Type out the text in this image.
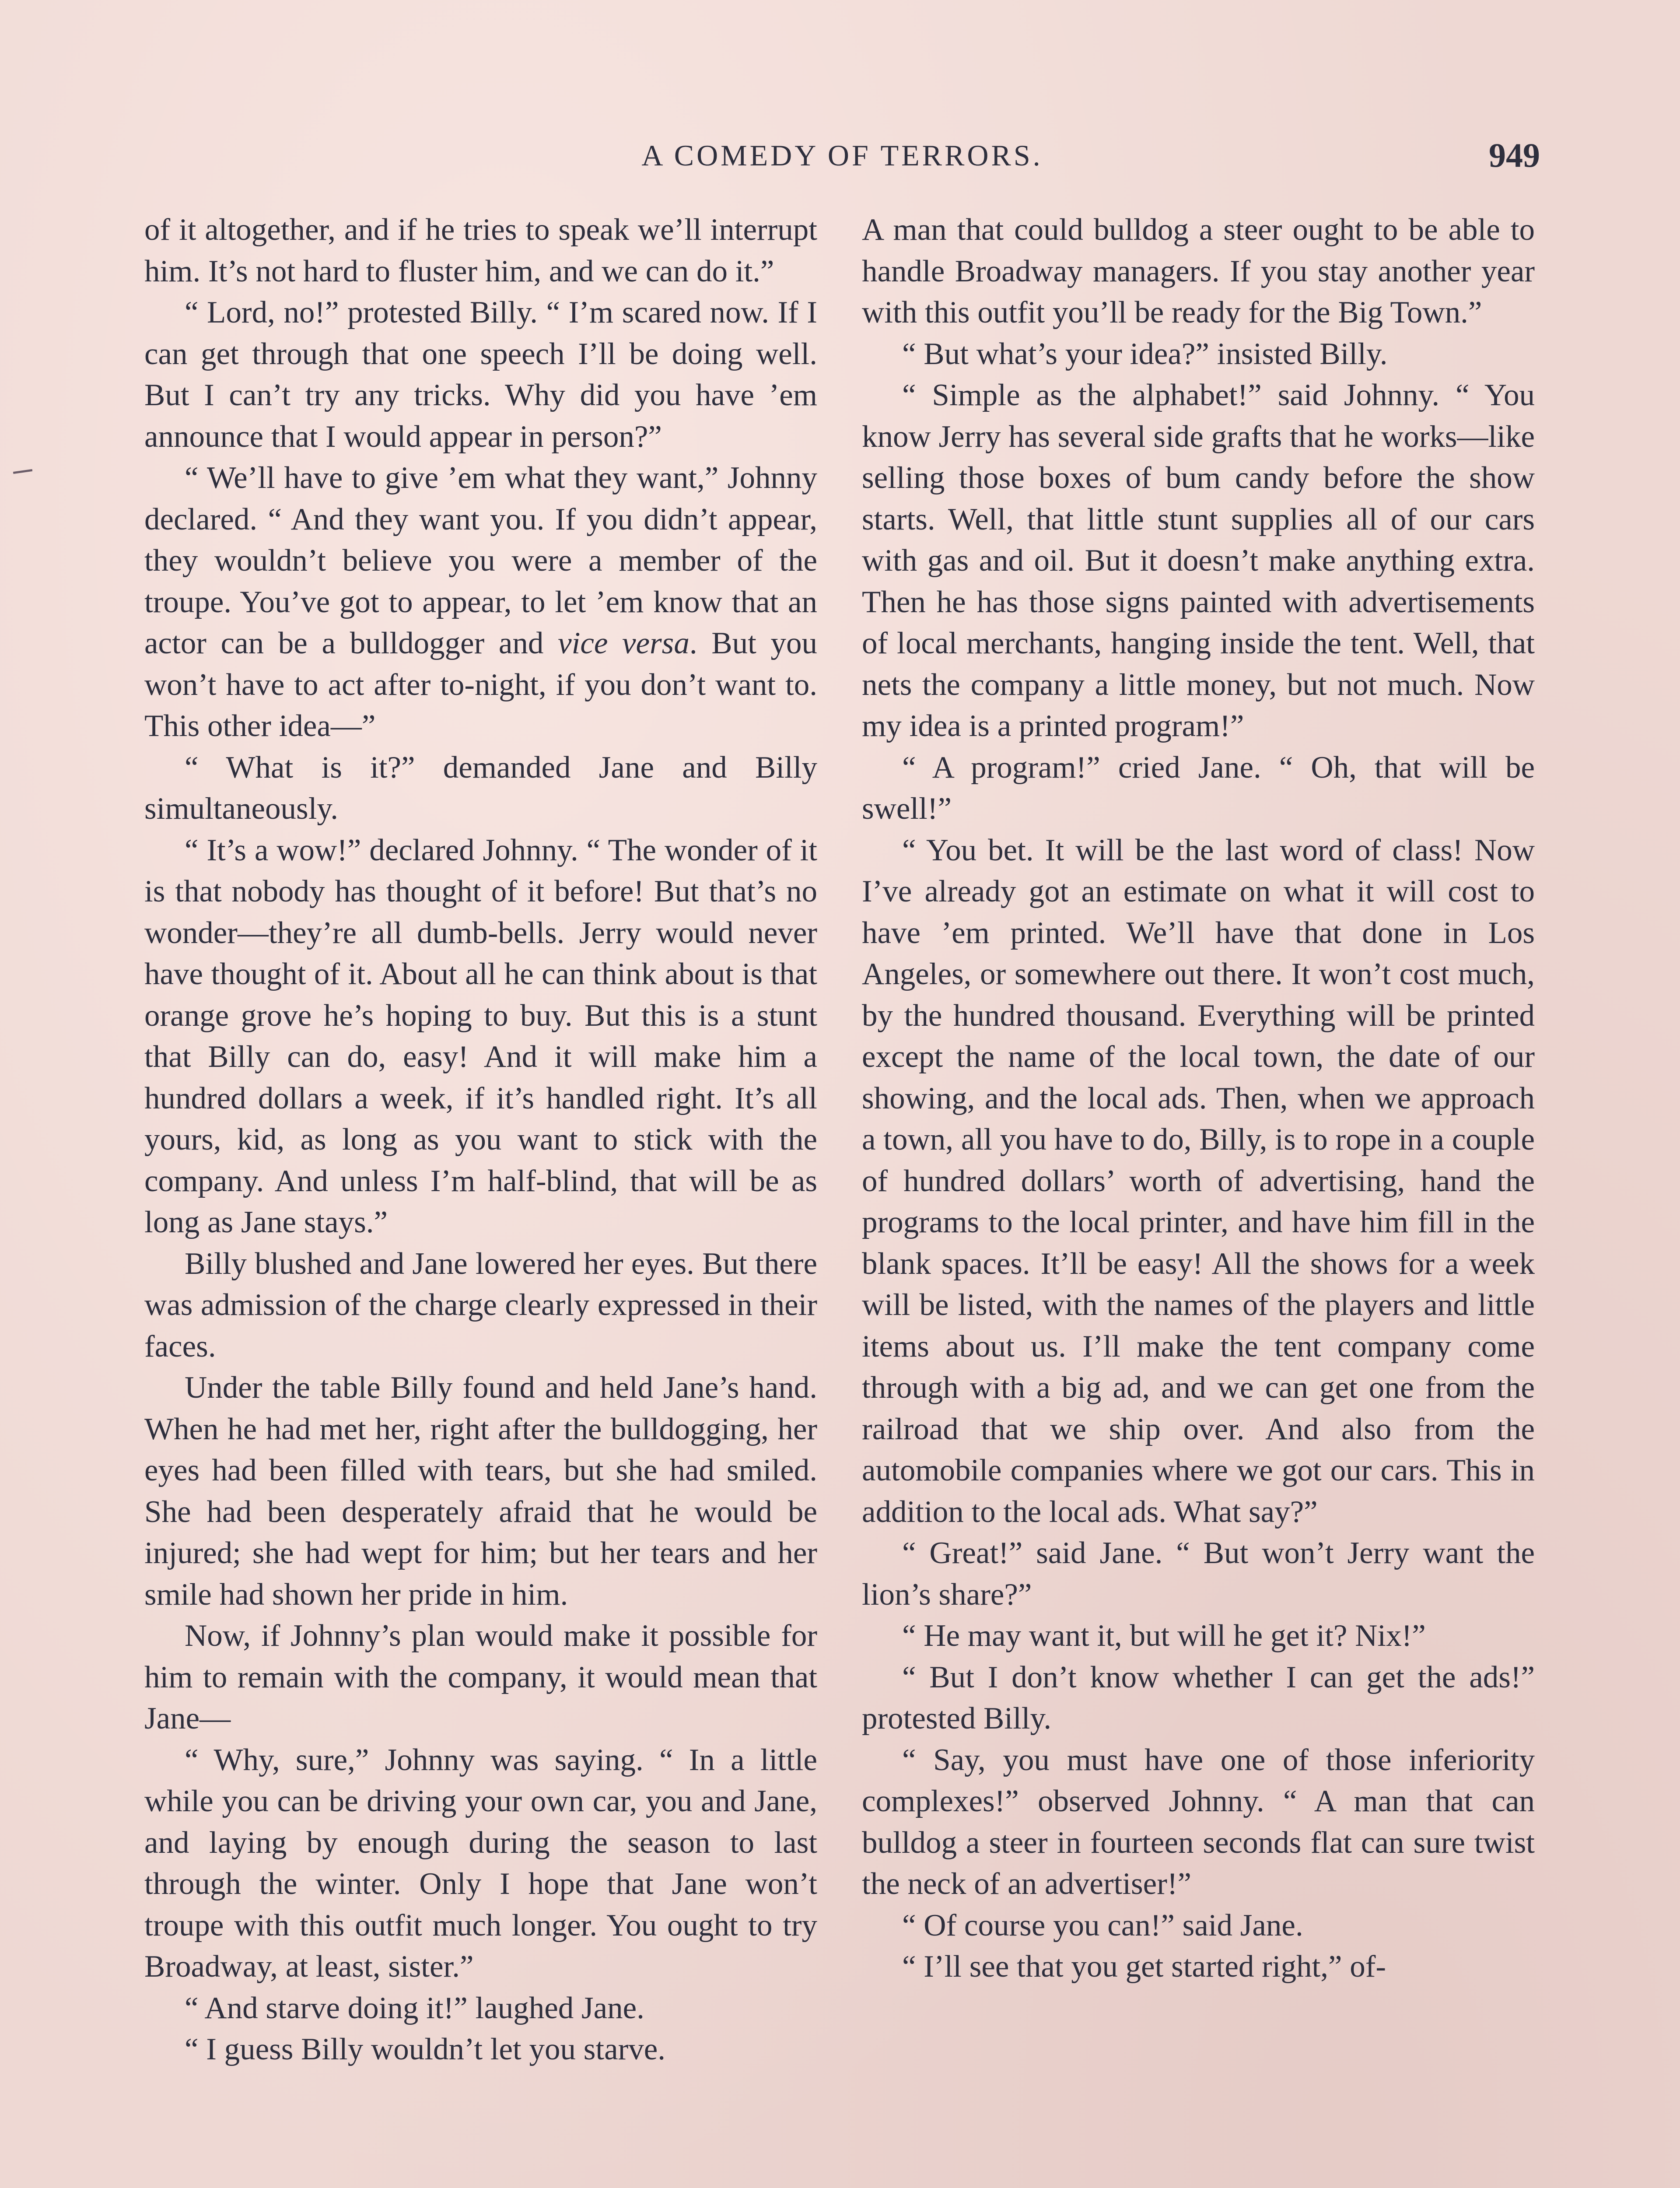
A COMEDY OF TERRORS.	949

of it altogether, and if he tries to speak we’ll interrupt him. It’s not hard to fluster him, and we can do it.”

“ Lord, no!” protested Billy. “ I’m scared now. If I can get through that one speech I’ll be doing well. But I can’t try any tricks. Why did you have ’em announce that I would appear in person?”

“ We’ll have to give ’em what they want,” Johnny declared. “ And they want you. If you didn’t appear, they wouldn’t believe you were a member of the troupe. You’ve got to appear, to let ’em know that an actor can be a bulldogger and vice versa. But you won’t have to act after to-night, if you don’t want to. This other idea—”

“ What is it?” demanded Jane and Billy simultaneously.

“ It’s a wow!” declared Johnny. “ The wonder of it is that nobody has thought of it before! But that’s no wonder—they’re all dumb-bells. Jerry would never have thought of it. About all he can think about is that orange grove he’s hoping to buy. But this is a stunt that Billy can do, easy! And it will make him a hundred dollars a week, if it’s handled right. It’s all yours, kid, as long as you want to stick with the company. And unless I’m half-blind, that will be as long as Jane stays.”

Billy blushed and Jane lowered her eyes. But there was admission of the charge clearly expressed in their faces.

Under the table Billy found and held Jane’s hand. When he had met her, right after the bulldogging, her eyes had been filled with tears, but she had smiled. She had been desperately afraid that he would be injured; she had wept for him; but her tears and her smile had shown her pride in him.

Now, if Johnny’s plan would make it possible for him to remain with the company, it would mean that Jane—

“ Why, sure,” Johnny was saying. “ In a little while you can be driving your own car, you and Jane, and laying by enough during the season to last through the winter. Only I hope that Jane won’t troupe with this outfit much longer. You ought to try Broadway, at least, sister.”

“ And starve doing it!” laughed Jane.

“ I guess Billy wouldn’t let you starve.

A man that could bulldog a steer ought to be able to handle Broadway managers. If you stay another year with this outfit you’ll be ready for the Big Town.”

“ But what’s your idea?” insisted Billy.

“ Simple as the alphabet!” said Johnny. “ You know Jerry has several side grafts that he works—like selling those boxes of bum candy before the show starts. Well, that little stunt supplies all of our cars with gas and oil. But it doesn’t make anything extra. Then he has those signs painted with advertisements of local merchants, hanging inside the tent. Well, that nets the company a little money, but not much. Now my idea is a printed program!”

“ A program!” cried Jane. “ Oh, that will be swell!”

“ You bet. It will be the last word of class! Now I’ve already got an estimate on what it will cost to have ’em printed. We’ll have that done in Los Angeles, or somewhere out there. It won’t cost much, by the hundred thousand. Everything will be printed except the name of the local town, the date of our showing, and the local ads. Then, when we approach a town, all you have to do, Billy, is to rope in a couple of hundred dollars’ worth of advertising, hand the programs to the local printer, and have him fill in the blank spaces. It’ll be easy! All the shows for a week will be listed, with the names of the players and little items about us. I’ll make the tent company come through with a big ad, and we can get one from the railroad that we ship over. And also from the automobile companies where we got our cars. This in addition to the local ads. What say?”

“ Great!” said Jane. “ But won’t Jerry want the lion’s share?”

“ He may want it, but will he get it? Nix!”

“ But I don’t know whether I can get the ads!” protested Billy.

“ Say, you must have one of those inferiority complexes!” observed Johnny. “ A man that can bulldog a steer in fourteen seconds flat can sure twist the neck of an advertiser!”

“ Of course you can!” said Jane.

“ I’ll see that you get started right,” of-
